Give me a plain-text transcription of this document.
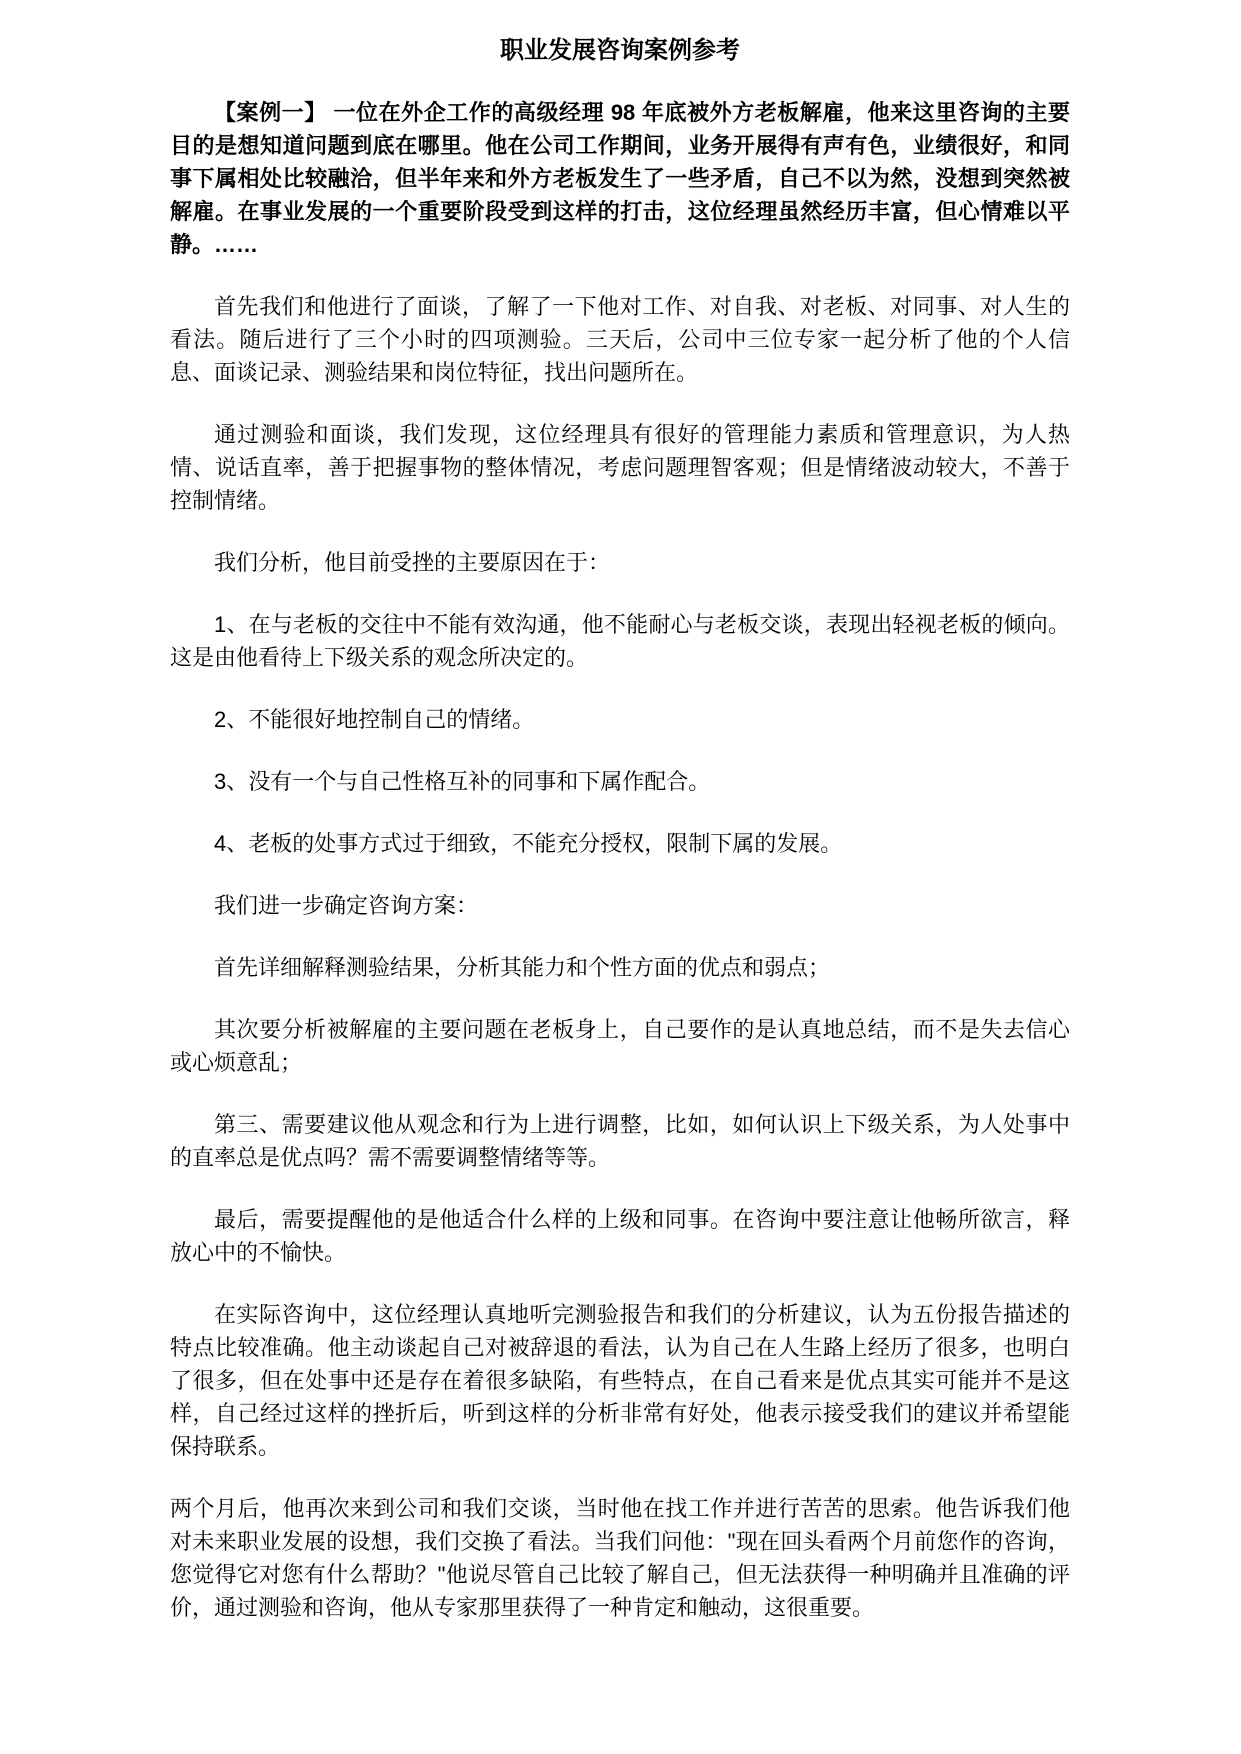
职业发展咨询案例参考

【案例一】 一位在外企工作的高级经理 98 年底被外方老板解雇，他来这里咨询的主要目的是想知道问题到底在哪里。他在公司工作期间，业务开展得有声有色，业绩很好，和同事下属相处比较融洽，但半年来和外方老板发生了一些矛盾，自己不以为然，没想到突然被解雇。在事业发展的一个重要阶段受到这样的打击，这位经理虽然经历丰富，但心情难以平静。……

首先我们和他进行了面谈，了解了一下他对工作、对自我、对老板、对同事、对人生的看法。随后进行了三个小时的四项测验。三天后，公司中三位专家一起分析了他的个人信息、面谈记录、测验结果和岗位特征，找出问题所在。

通过测验和面谈，我们发现，这位经理具有很好的管理能力素质和管理意识，为人热情、说话直率，善于把握事物的整体情况，考虑问题理智客观；但是情绪波动较大，不善于控制情绪。

我们分析，他目前受挫的主要原因在于：

1、在与老板的交往中不能有效沟通，他不能耐心与老板交谈，表现出轻视老板的倾向。这是由他看待上下级关系的观念所决定的。

2、不能很好地控制自己的情绪。

3、没有一个与自己性格互补的同事和下属作配合。

4、老板的处事方式过于细致，不能充分授权，限制下属的发展。

我们进一步确定咨询方案：

首先详细解释测验结果，分析其能力和个性方面的优点和弱点；

其次要分析被解雇的主要问题在老板身上，自己要作的是认真地总结，而不是失去信心或心烦意乱；

第三、需要建议他从观念和行为上进行调整，比如，如何认识上下级关系，为人处事中的直率总是优点吗？需不需要调整情绪等等。

最后，需要提醒他的是他适合什么样的上级和同事。在咨询中要注意让他畅所欲言，释放心中的不愉快。

在实际咨询中，这位经理认真地听完测验报告和我们的分析建议，认为五份报告描述的特点比较准确。他主动谈起自己对被辞退的看法，认为自己在人生路上经历了很多，也明白了很多，但在处事中还是存在着很多缺陷，有些特点，在自己看来是优点其实可能并不是这样，自己经过这样的挫折后，听到这样的分析非常有好处，他表示接受我们的建议并希望能保持联系。

两个月后，他再次来到公司和我们交谈，当时他在找工作并进行苦苦的思索。他告诉我们他对未来职业发展的设想，我们交换了看法。当我们问他："现在回头看两个月前您作的咨询，您觉得它对您有什么帮助？"他说尽管自己比较了解自己，但无法获得一种明确并且准确的评价，通过测验和咨询，他从专家那里获得了一种肯定和触动，这很重要。
